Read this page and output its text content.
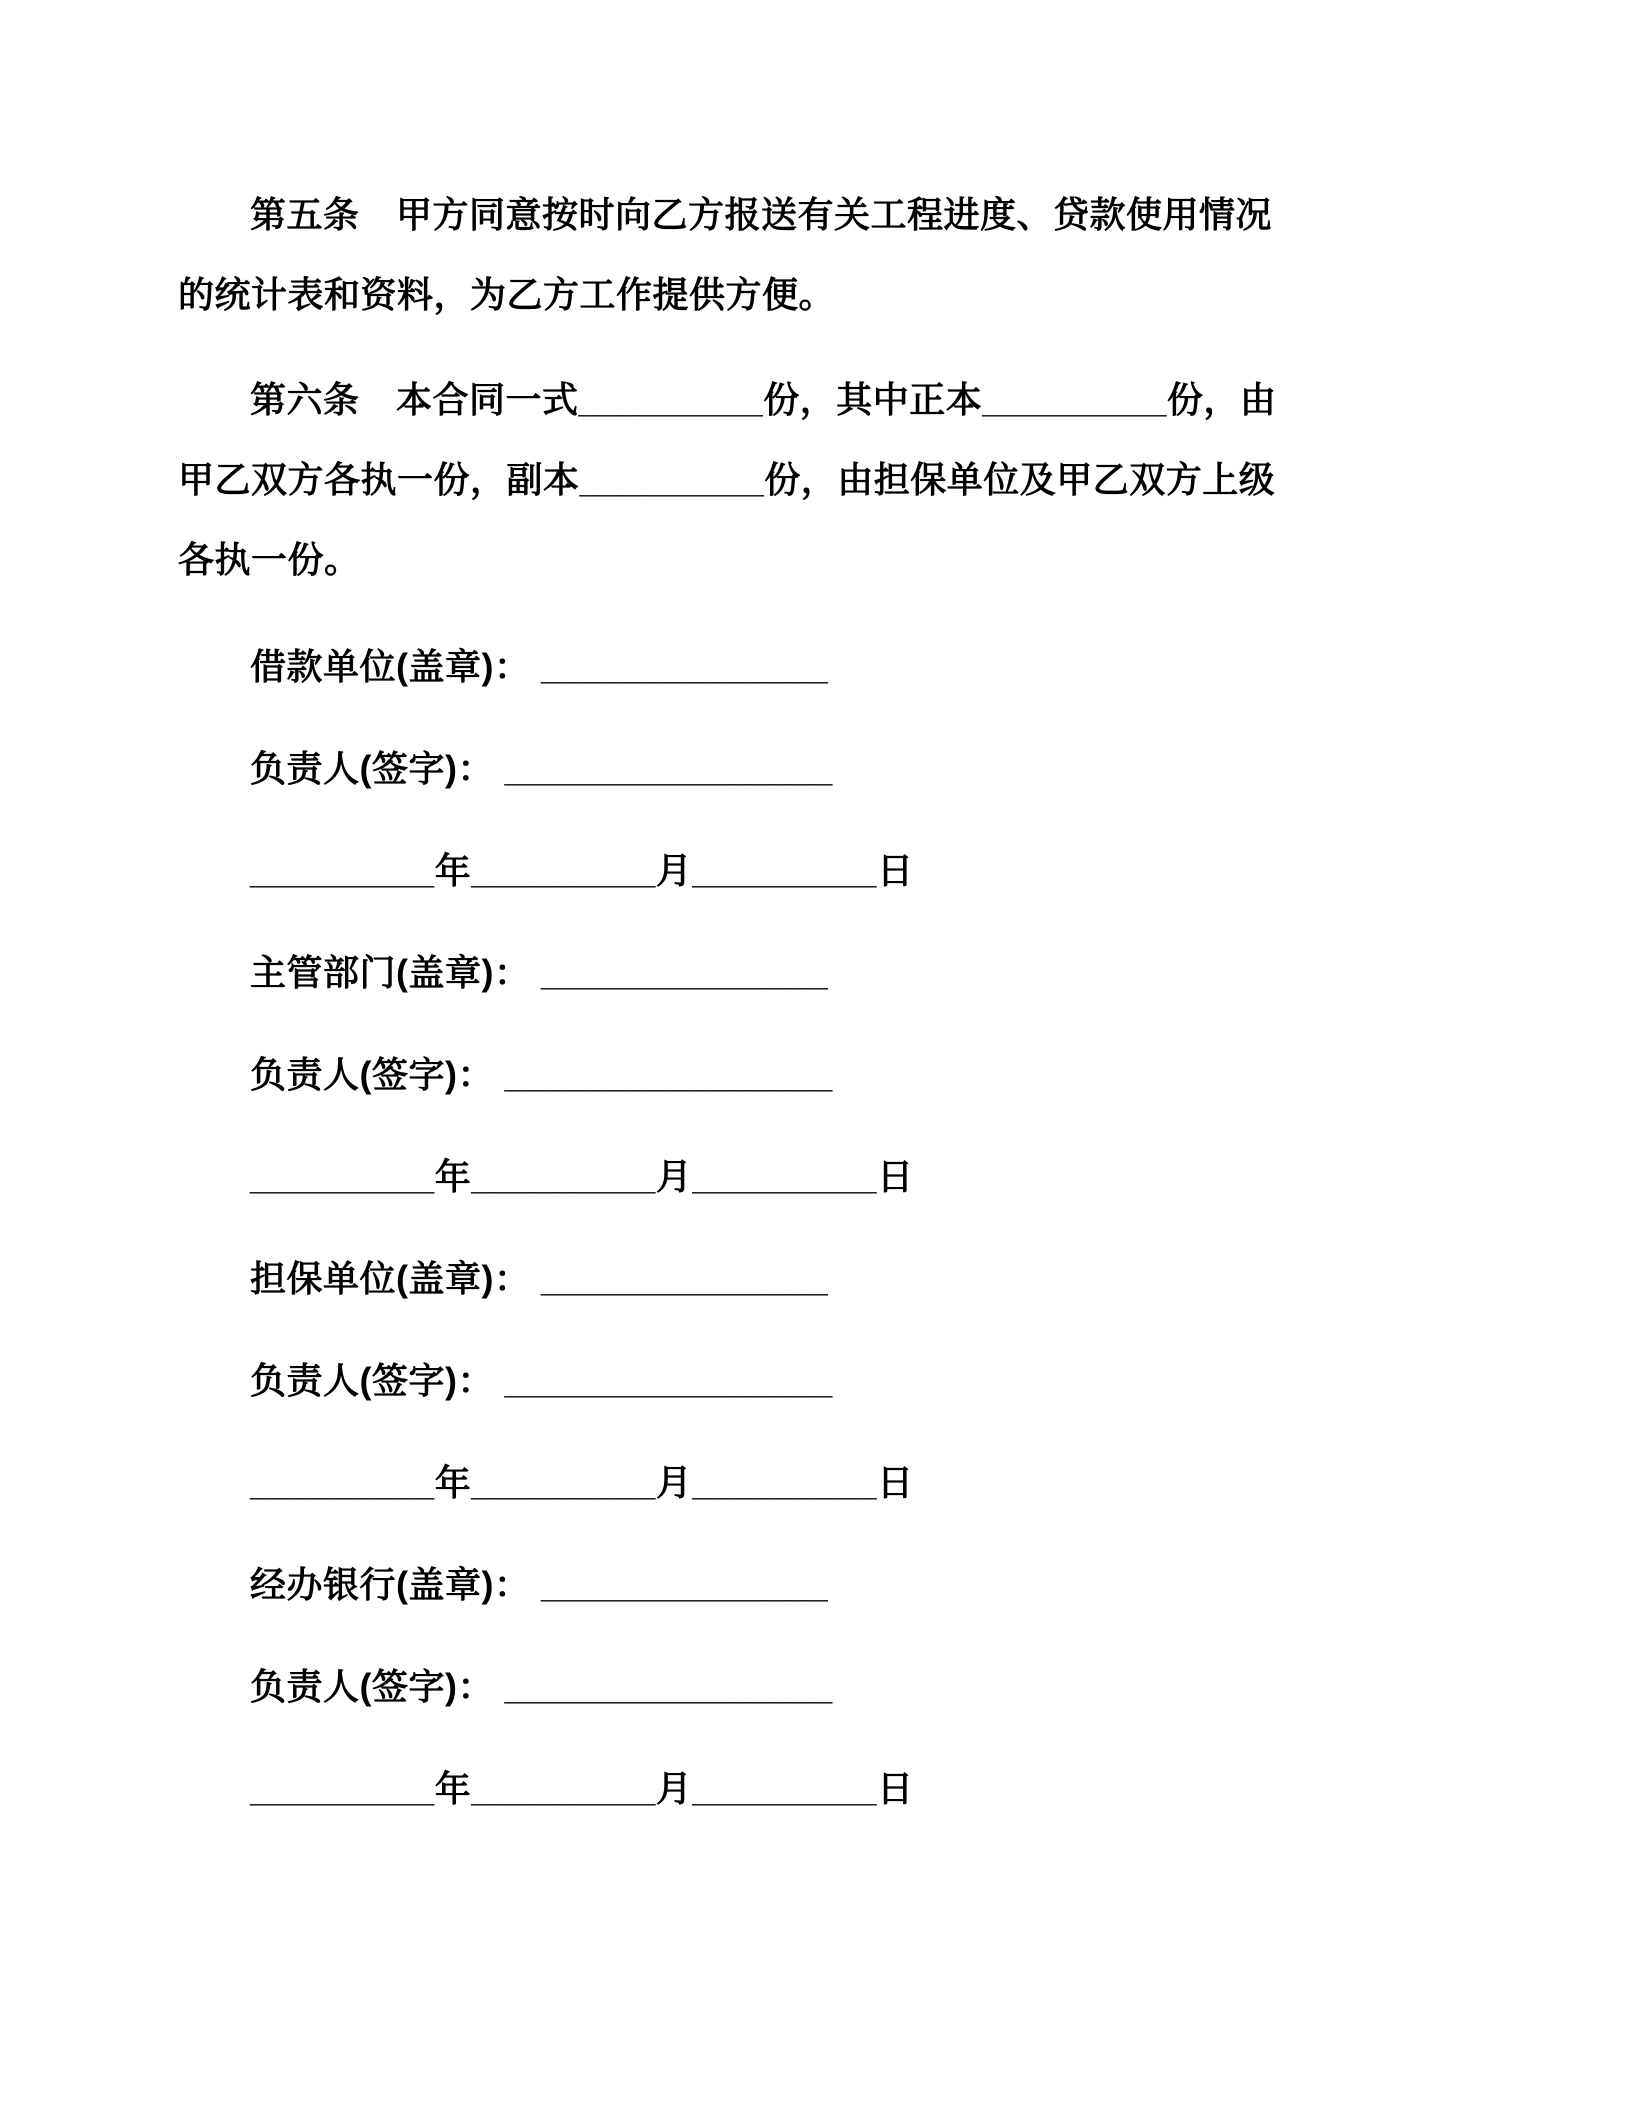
第五条　甲方同意按时向乙方报送有关工程进度、贷款使用情况

的统计表和资料，为乙方工作提供方便。

第六条　本合同一式_________份，其中正本_________份，由

甲乙双方各执一份，副本_________份，由担保单位及甲乙双方上级

各执一份。

借款单位(盖章)： ______________

负责人(签字)： ________________

_________年_________月_________日

主管部门(盖章)： ______________

负责人(签字)： ________________

_________年_________月_________日

担保单位(盖章)： ______________

负责人(签字)： ________________

_________年_________月_________日

经办银行(盖章)： ______________

负责人(签字)： ________________

_________年_________月_________日
